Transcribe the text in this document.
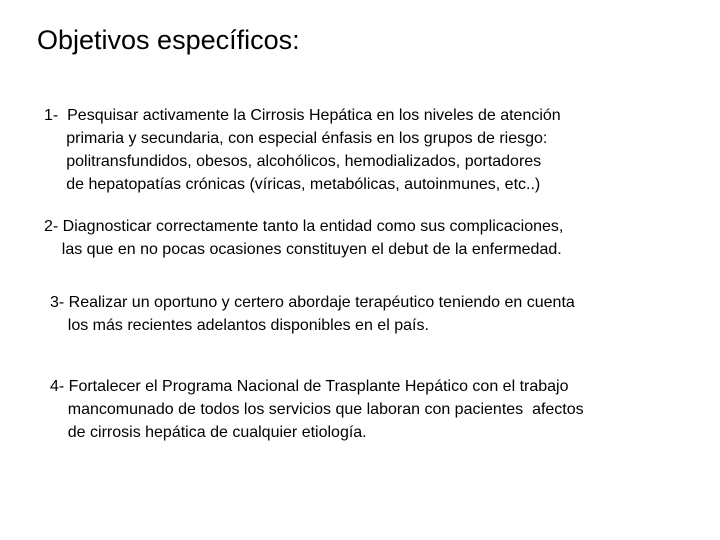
Objetivos específicos:
1-  Pesquisar activamente la Cirrosis Hepática en los niveles de atención
primaria y secundaria, con especial énfasis en los grupos de riesgo:
politransfundidos, obesos, alcohólicos, hemodializados, portadores
de hepatopatías crónicas (víricas, metabólicas, autoinmunes, etc..)
2- Diagnosticar correctamente tanto la entidad como sus complicaciones,
las que en no pocas ocasiones constituyen el debut de la enfermedad.
3- Realizar un oportuno y certero abordaje terapéutico teniendo en cuenta
los más recientes adelantos disponibles en el país.
4- Fortalecer el Programa Nacional de Trasplante Hepático con el trabajo
mancomunado de todos los servicios que laboran con pacientes  afectos
de cirrosis hepática de cualquier etiología.
